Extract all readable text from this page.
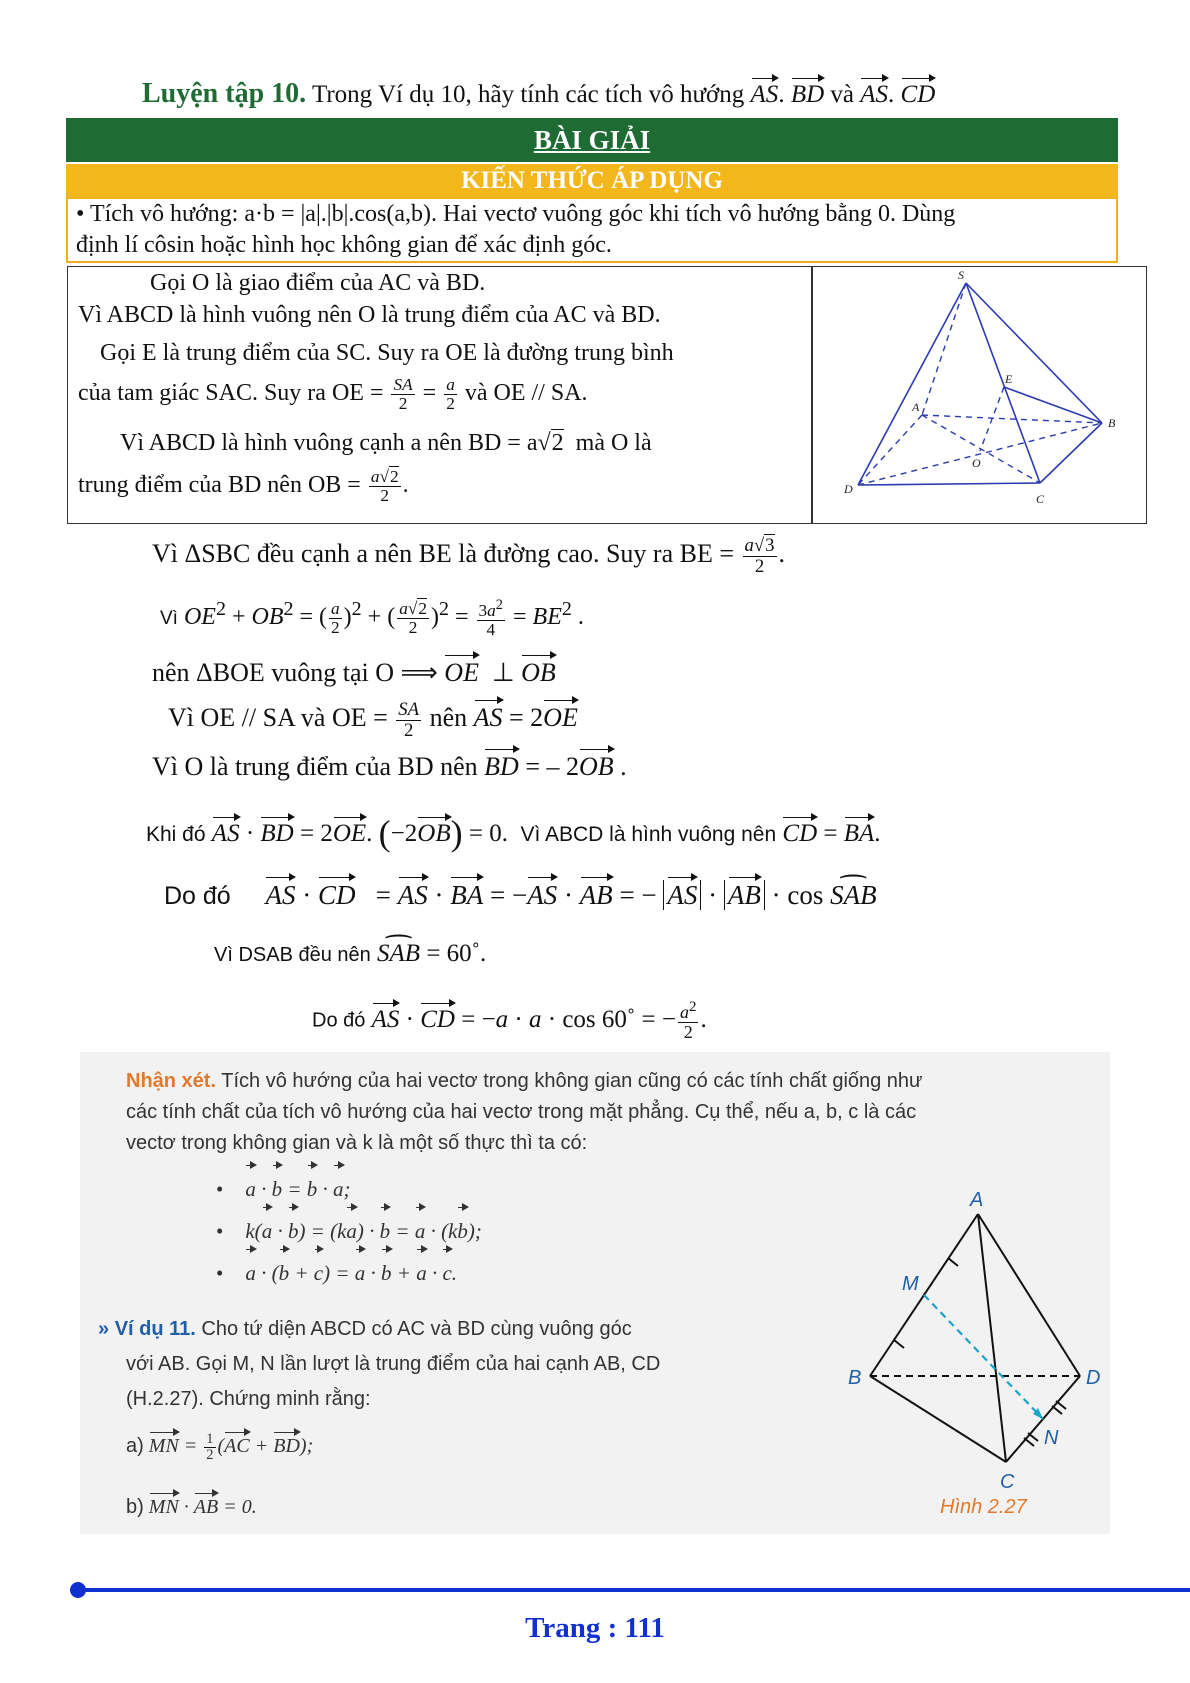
Luyện tập 10. Trong Ví dụ 10, hãy tính các tích vô hướng AS. BD và AS. CD
BÀI GIẢI
KIẾN THỨC ÁP DỤNG
• Tích vô hướng: a·b = |a|.|b|.cos(a,b). Hai vectơ vuông góc khi tích vô hướng bằng 0. Dùng
định lí côsin hoặc hình học không gian để xác định góc.
Gọi O là giao điểm của AC và BD.
Vì ABCD là hình vuông nên O là trung điểm của AC và BD.
Gọi E là trung điểm của SC. Suy ra OE là đường trung bình
của tam giác SAC. Suy ra OE = $\frac{SA}{2} = \frac{a}{2}$ và OE // SA.
Vì ABCD là hình vuông cạnh a nên BD = a√2 mà O là
trung điểm của BD nên OB = $\frac{a√2}{2}$ .
S
A
B
C
D
E
O
Vì ΔSBC đều cạnh a nên BE là đường cao. Suy ra BE = $\frac{a√3}{2}$ .
Vì $OE^2 + OB^2$ = ( $\frac{a}{2} )^2$ + ( $\frac{a√2}{2} )^2 = \frac{3a^2}{4} = BE^2$ .
nên ΔBOE vuông tại O ⟹ OE  ⊥ OB
Vì OE // SA và OE = $\frac{SA}{2}$ nên AS = 2OE
Vì O là trung điểm của BD nên BD = – 2OB .
Khi đó AS · BD = 2OE. (−2OB) = 0. Vì ABCD là hình vuông nên CD = BA.
Do đó AS · CD   = AS · BA = −AS · AB = − AS · AB · cos ⌢ SAB
Vì DSAB đều nên ⌢ SAB = 60˚.
Do đó AS · CD = −a · a · cos 60˚ = − $\frac{a^2}{2}$ .
Nhận xét. Tích vô hướng của hai vectơ trong không gian cũng có các tính chất giống như
các tính chất của tích vô hướng của hai vectơ trong mặt phẳng. Cụ thể, nếu a, b, c là các
vectơ trong không gian và k là một số thực thì ta có:
• a · b = b · a;
• k(a · b) = (ka) · b = a · (kb);
• a · (b + c) = a · b + a · c.
» Ví dụ 11. Cho tứ diện ABCD có AC và BD cùng vuông góc
với AB. Gọi M, N lần lượt là trung điểm của hai cạnh AB, CD
(H.2.27). Chứng minh rằng:
a) MN = $\frac{1}{2} (AC + BD)$;
b) MN · AB = 0.
A
B
C
D
M
N
Hình 2.27
Trang : 111
